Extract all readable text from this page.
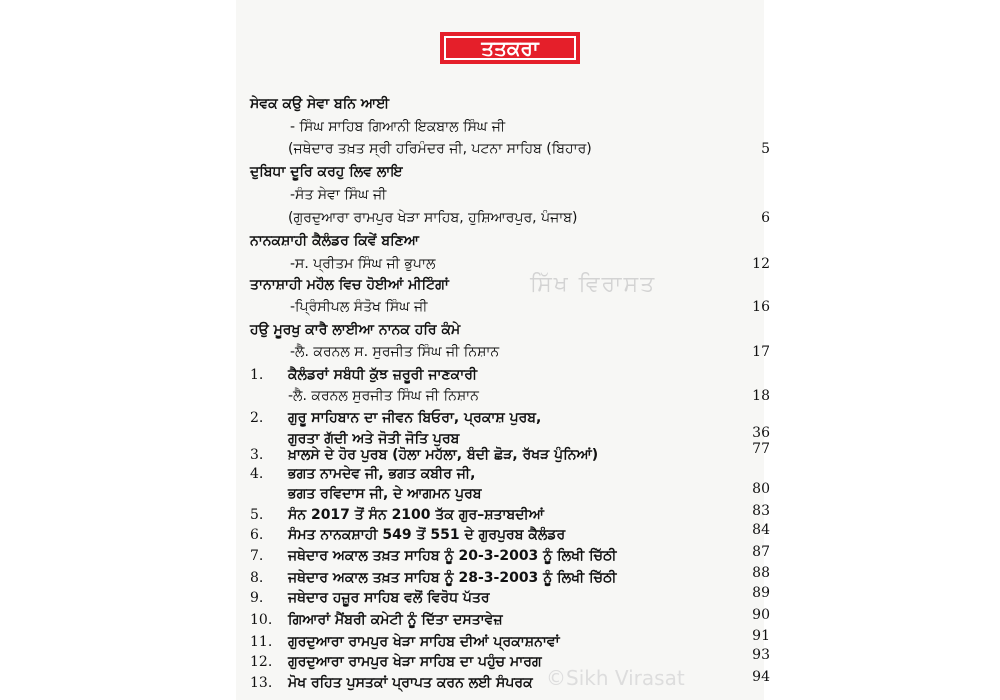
ਤਤਕਰਾ
ਸਿੱਖ ਵਿਰਾਸਤ
ਸੇਵਕ ਕਉ ਸੇਵਾ ਬਨਿ ਆਈ
- ਸਿੰਘ ਸਾਹਿਬ ਗਿਆਨੀ ਇਕਬਾਲ ਸਿੰਘ ਜੀ
(ਜਥੇਦਾਰ ਤਖ਼ਤ ਸ੍ਰੀ ਹਰਿਮੰਦਰ ਜੀ, ਪਟਨਾ ਸਾਹਿਬ (ਬਿਹਾਰ)	5
ਦੁਬਿਧਾ ਦੂਰਿ ਕਰਹੁ ਲਿਵ ਲਾਇ
-ਸੰਤ ਸੇਵਾ ਸਿੰਘ ਜੀ
(ਗੁਰਦੁਆਰਾ ਰਾਮਪੁਰ ਖੇੜਾ ਸਾਹਿਬ, ਹੁਸ਼ਿਆਰਪੁਰ, ਪੰਜਾਬ)	6
ਨਾਨਕਸ਼ਾਹੀ ਕੈਲੰਡਰ ਕਿਵੇਂ ਬਣਿਆ
-ਸ. ਪ੍ਰੀਤਮ ਸਿੰਘ ਜੀ ਭੁਪਾਲ	12
ਤਾਨਾਸ਼ਾਹੀ ਮਹੌਲ ਵਿਚ ਹੋਈਆਂ ਮੀਟਿੰਗਾਂ
-ਪ੍ਰਿੰਸੀਪਲ ਸੰਤੋਖ ਸਿੰਘ ਜੀ	16
ਹਉ ਮੂਰਖੁ ਕਾਰੈ ਲਾਈਆ ਨਾਨਕ ਹਰਿ ਕੰਮੇ
-ਲੈ. ਕਰਨਲ ਸ. ਸੁਰਜੀਤ ਸਿੰਘ ਜੀ ਨਿਸ਼ਾਨ	17
1. ਕੈਲੰਡਰਾਂ ਸਬੰਧੀ ਕੁੱਝ ਜ਼ਰੂਰੀ ਜਾਣਕਾਰੀ
-ਲੈ. ਕਰਨਲ ਸੁਰਜੀਤ ਸਿੰਘ ਜੀ ਨਿਸ਼ਾਨ	18
2. ਗੁਰੂ ਸਾਹਿਬਾਨ ਦਾ ਜੀਵਨ ਬਿਓਰਾ, ਪ੍ਰਕਾਸ਼ ਪੁਰਬ,
ਗੁਰਤਾ ਗੱਦੀ ਅਤੇ ਜੋਤੀ ਜੋਤਿ ਪੁਰਬ	36
3. ਖ਼ਾਲਸੇ ਦੇ ਹੋਰ ਪੁਰਬ (ਹੋਲਾ ਮਹੱਲਾ, ਬੰਦੀ ਛੋੜ, ਰੱਖੜ ਪੁੰਨਿਆਂ)	77
4. ਭਗਤ ਨਾਮਦੇਵ ਜੀ, ਭਗਤ ਕਬੀਰ ਜੀ,
ਭਗਤ ਰਵਿਦਾਸ ਜੀ, ਦੇ ਆਗਮਨ ਪੁਰਬ	80
5. ਸੰਨ 2017 ਤੋਂ ਸੰਨ 2100 ਤੱਕ ਗੁਰ–ਸ਼ਤਾਬਦੀਆਂ	83
6. ਸੰਮਤ ਨਾਨਕਸ਼ਾਹੀ 549 ਤੋਂ 551 ਦੇ ਗੁਰਪੁਰਬ ਕੈਲੰਡਰ	84
7. ਜਥੇਦਾਰ ਅਕਾਲ ਤਖ਼ਤ ਸਾਹਿਬ ਨੂੰ 20-3-2003 ਨੂੰ ਲਿਖੀ ਚਿੱਠੀ	87
8. ਜਥੇਦਾਰ ਅਕਾਲ ਤਖ਼ਤ ਸਾਹਿਬ ਨੂੰ 28-3-2003 ਨੂੰ ਲਿਖੀ ਚਿੱਠੀ	88
9. ਜਥੇਦਾਰ ਹਜ਼ੂਰ ਸਾਹਿਬ ਵਲੋਂ ਵਿਰੋਧ ਪੱਤਰ	89
10. ਗਿਆਰਾਂ ਮੈਂਬਰੀ ਕਮੇਟੀ ਨੂੰ ਦਿੱਤਾ ਦਸਤਾਵੇਜ਼	90
11. ਗੁਰਦੁਆਰਾ ਰਾਮਪੁਰ ਖੇੜਾ ਸਾਹਿਬ ਦੀਆਂ ਪ੍ਰਕਾਸ਼ਨਾਵਾਂ	91
12. ਗੁਰਦੁਆਰਾ ਰਾਮਪੁਰ ਖੇੜਾ ਸਾਹਿਬ ਦਾ ਪਹੁੰਚ ਮਾਰਗ	93
13. ਮੋਖ ਰਹਿਤ ਪੁਸਤਕਾਂ ਪ੍ਰਾਪਤ ਕਰਨ ਲਈ ਸੰਪਰਕ	94
©Sikh Virasat
